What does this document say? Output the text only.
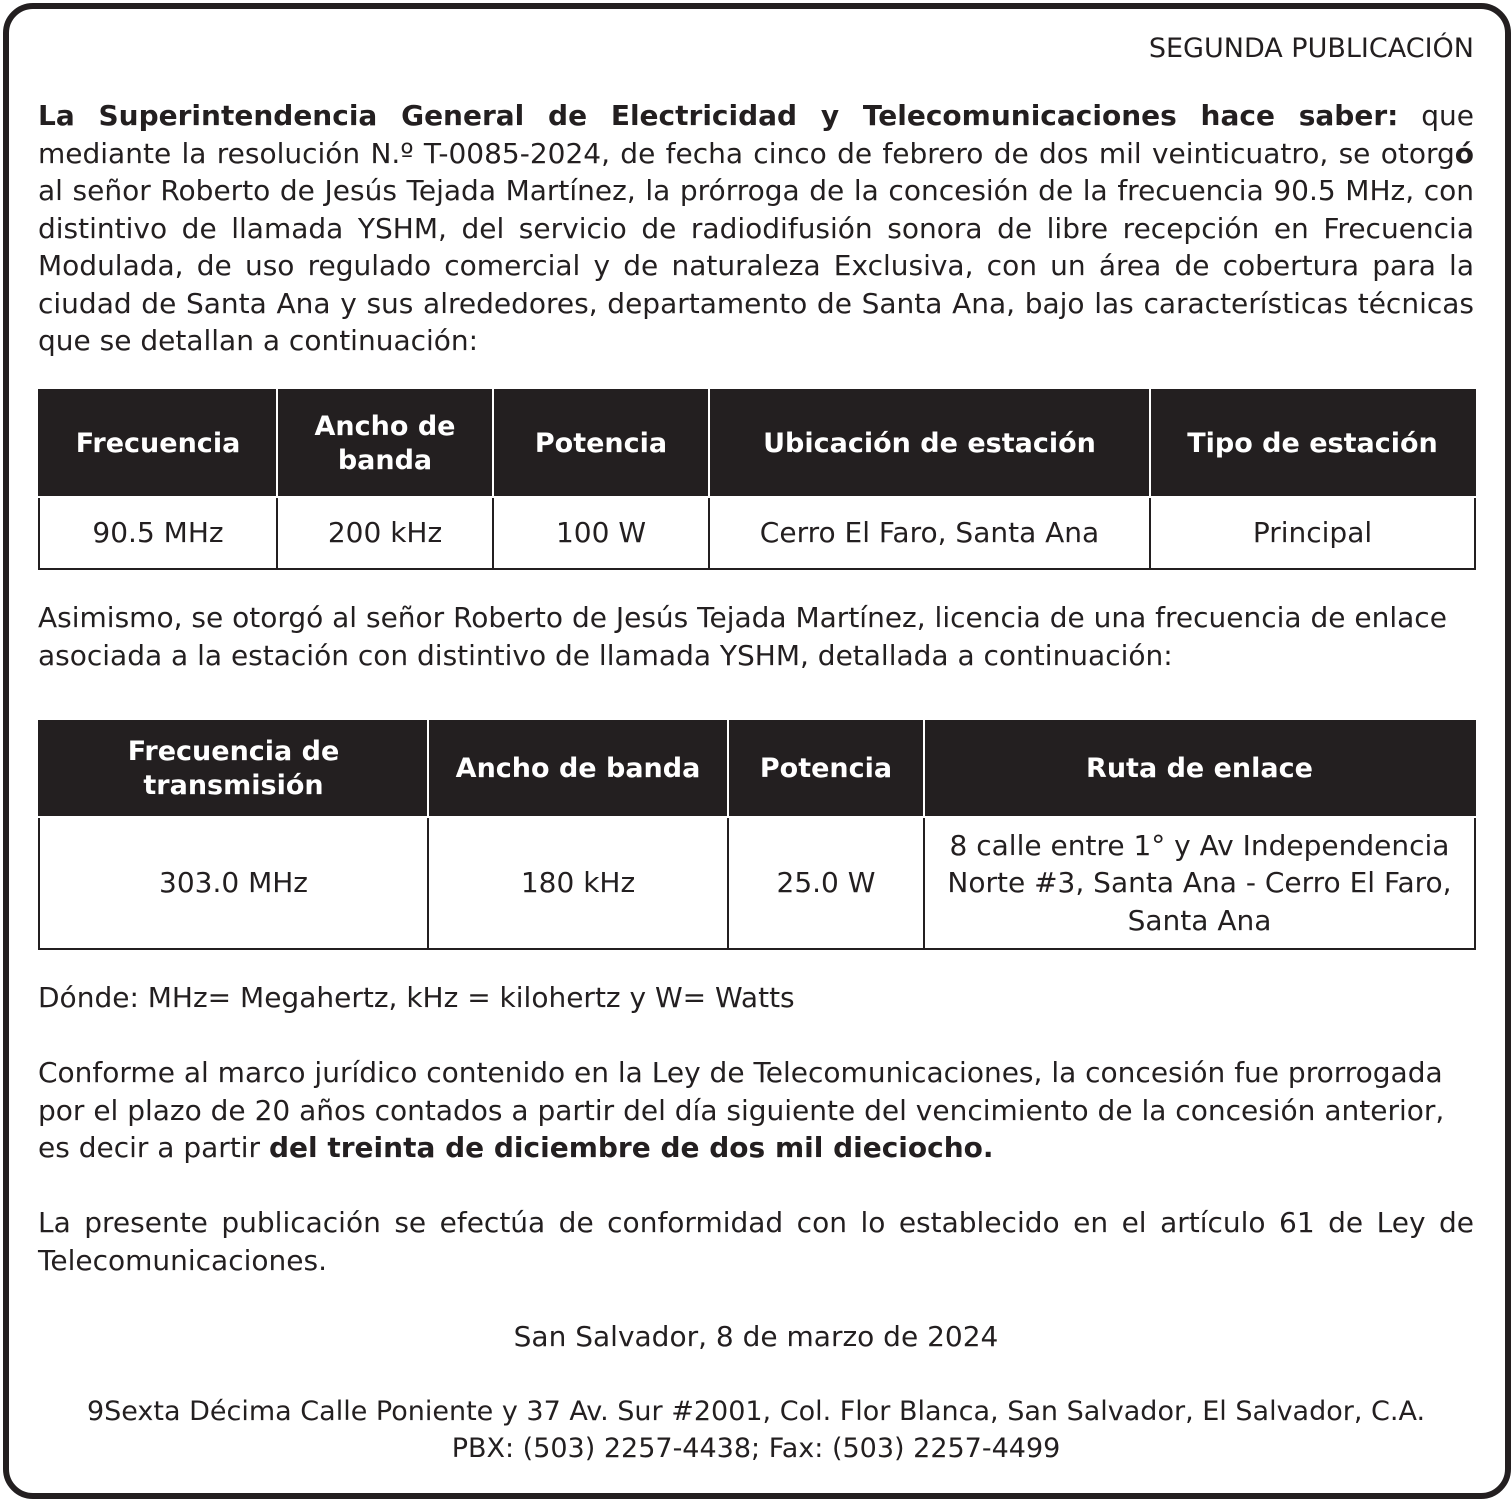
SEGUNDA PUBLICACIÓN
La Superintendencia General de Electricidad y Telecomunicaciones hace saber: que mediante la resolución N.º T-0085-2024, de fecha cinco de febrero de dos mil veinticuatro, se otorgó al señor Roberto de Jesús Tejada Martínez, la prórroga de la concesión de la frecuencia 90.5 MHz, con distintivo de llamada YSHM, del servicio de radiodifusión sonora de libre recepción en Frecuencia Modulada, de uso regulado comercial y de naturaleza Exclusiva, con un área de cobertura para la ciudad de Santa Ana y sus alrededores, departamento de Santa Ana, bajo las características técnicas que se detallan a continuación:
Frecuencia	Ancho de banda	Potencia	Ubicación de estación	Tipo de estación
90.5 MHz	200 kHz	100 W	Cerro El Faro, Santa Ana	Principal
Asimismo, se otorgó al señor Roberto de Jesús Tejada Martínez, licencia de una frecuencia de enlace asociada a la estación con distintivo de llamada YSHM, detallada a continuación:
Frecuencia de transmisión	Ancho de banda	Potencia	Ruta de enlace
303.0 MHz	180 kHz	25.0 W	8 calle entre 1° y Av Independencia Norte #3, Santa Ana - Cerro El Faro, Santa Ana
Dónde: MHz= Megahertz, kHz = kilohertz y W= Watts
Conforme al marco jurídico contenido en la Ley de Telecomunicaciones, la concesión fue prorrogada por el plazo de 20 años contados a partir del día siguiente del vencimiento de la concesión anterior, es decir a partir del treinta de diciembre de dos mil dieciocho.
La presente publicación se efectúa de conformidad con lo establecido en el artículo 61 de Ley de Telecomunicaciones.
San Salvador, 8 de marzo de 2024
9Sexta Décima Calle Poniente y 37 Av. Sur #2001, Col. Flor Blanca, San Salvador, El Salvador, C.A.
PBX: (503) 2257-4438; Fax: (503) 2257-4499
